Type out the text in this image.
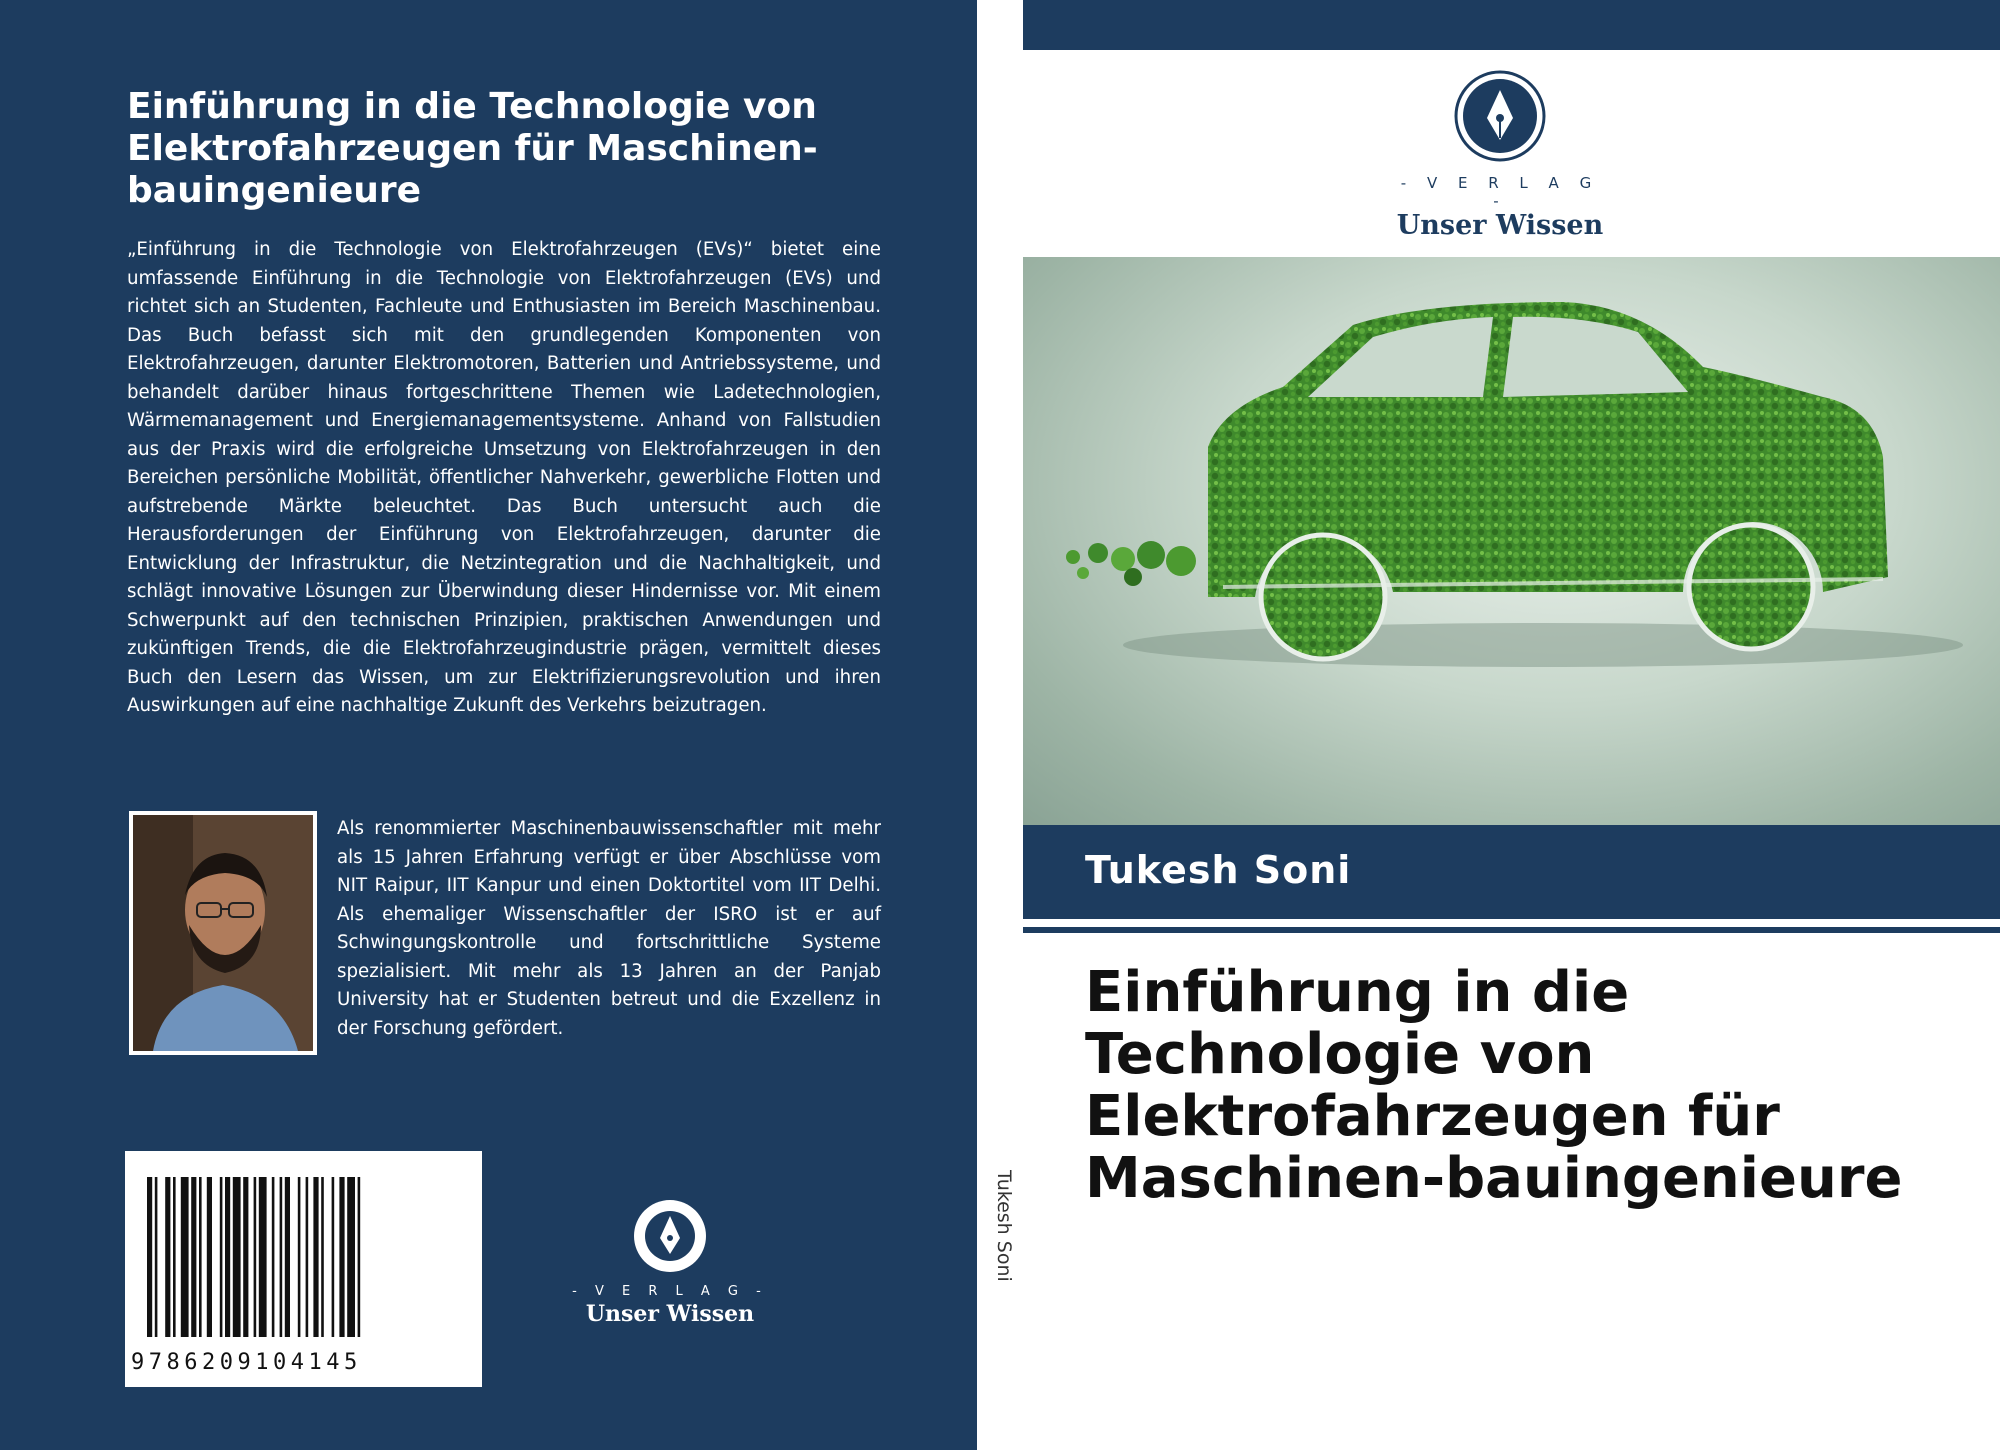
Einführung in die Technologie von Elektrofahrzeugen für Maschinen-bauingenieure

„Einführung in die Technologie von Elektrofahrzeugen (EVs)“ bietet eine umfassende Einführung in die Technologie von Elektrofahrzeugen (EVs) und richtet sich an Studenten, Fachleute und Enthusiasten im Bereich Maschinenbau. Das Buch befasst sich mit den grundlegenden Komponenten von Elektrofahrzeugen, darunter Elektromotoren, Batterien und Antriebssysteme, und behandelt darüber hinaus fortgeschrittene Themen wie Ladetechnologien, Wärmemanagement und Energiemanagementsysteme. Anhand von Fallstudien aus der Praxis wird die erfolgreiche Umsetzung von Elektrofahrzeugen in den Bereichen persönliche Mobilität, öffentlicher Nahverkehr, gewerbliche Flotten und aufstrebende Märkte beleuchtet. Das Buch untersucht auch die Herausforderungen der Einführung von Elektrofahrzeugen, darunter die Entwicklung der Infrastruktur, die Netzintegration und die Nachhaltigkeit, und schlägt innovative Lösungen zur Überwindung dieser Hindernisse vor. Mit einem Schwerpunkt auf den technischen Prinzipien, praktischen Anwendungen und zukünftigen Trends, die die Elektrofahrzeugindustrie prägen, vermittelt dieses Buch den Lesern das Wissen, um zur Elektrifizierungsrevolution und ihren Auswirkungen auf eine nachhaltige Zukunft des Verkehrs beizutragen.

Als renommierter Maschinenbauwissenschaftler mit mehr als 15 Jahren Erfahrung verfügt er über Abschlüsse vom NIT Raipur, IIT Kanpur und einen Doktortitel vom IIT Delhi. Als ehemaliger Wissenschaftler der ISRO ist er auf Schwingungskontrolle und fortschrittliche Systeme spezialisiert. Mit mehr als 13 Jahren an der Panjab University hat er Studenten betreut und die Exzellenz in der Forschung gefördert.

9786209104145
- V E R L A G -
Unser Wissen
Tukesh Soni
- V E R L A G -
Unser Wissen
Tukesh Soni
Einführung in die Technologie von Elektrofahrzeugen für Maschinen-bauingenieure
